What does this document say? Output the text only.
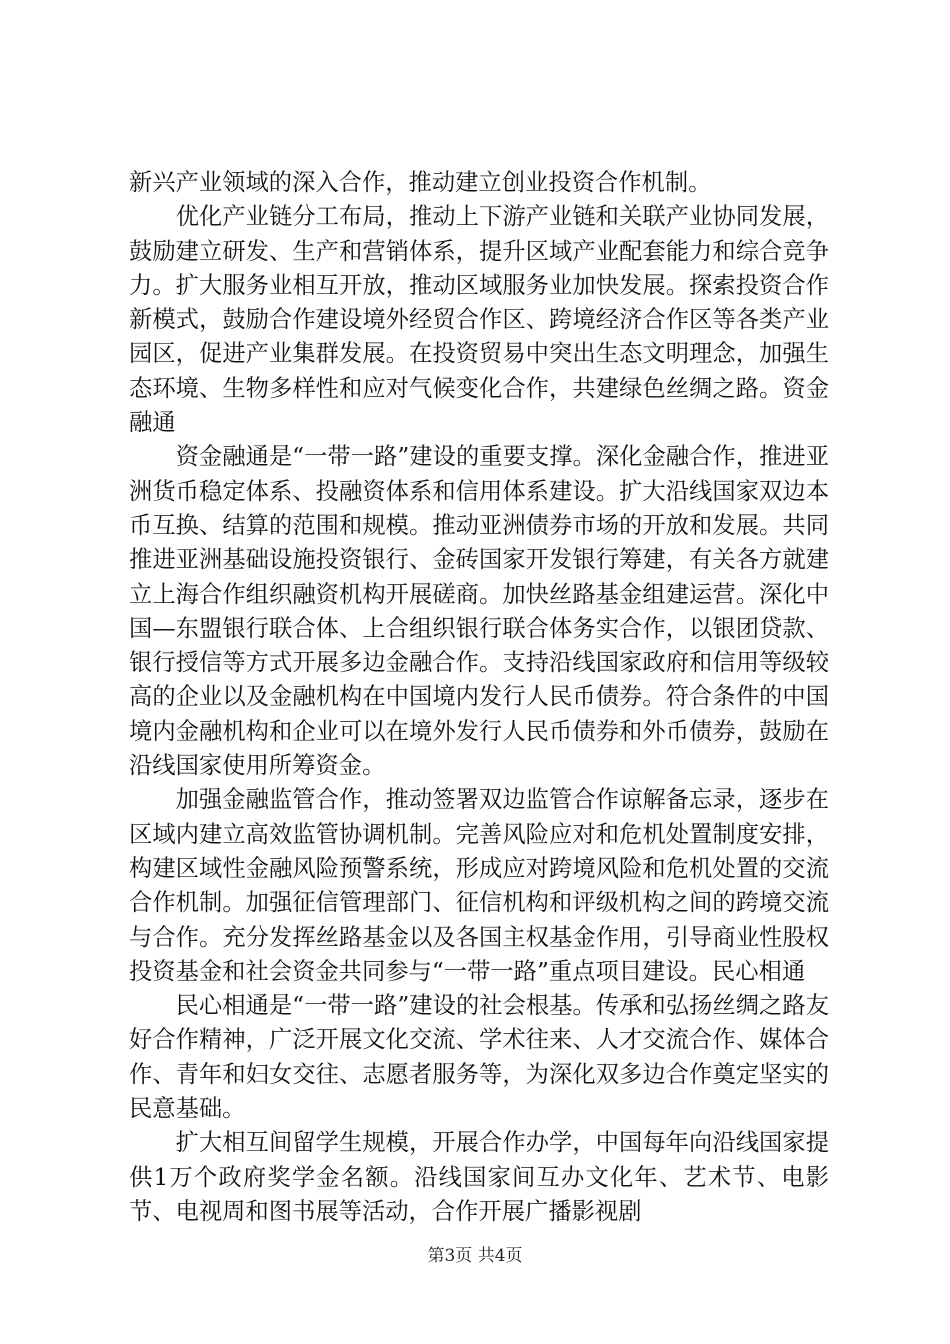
新兴产业领域的深入合作，推动建立创业投资合作机制。

优化产业链分工布局，推动上下游产业链和关联产业协同发展，鼓励建立研发、生产和营销体系，提升区域产业配套能力和综合竞争力。扩大服务业相互开放，推动区域服务业加快发展。探索投资合作新模式，鼓励合作建设境外经贸合作区、跨境经济合作区等各类产业园区，促进产业集群发展。在投资贸易中突出生态文明理念，加强生态环境、生物多样性和应对气候变化合作，共建绿色丝绸之路。资金融通

资金融通是“一带一路”建设的重要支撑。深化金融合作，推进亚洲货币稳定体系、投融资体系和信用体系建设。扩大沿线国家双边本币互换、结算的范围和规模。推动亚洲债券市场的开放和发展。共同推进亚洲基础设施投资银行、金砖国家开发银行筹建，有关各方就建立上海合作组织融资机构开展磋商。加快丝路基金组建运营。深化中国—东盟银行联合体、上合组织银行联合体务实合作，以银团贷款、银行授信等方式开展多边金融合作。支持沿线国家政府和信用等级较高的企业以及金融机构在中国境内发行人民币债券。符合条件的中国境内金融机构和企业可以在境外发行人民币债券和外币债券，鼓励在沿线国家使用所筹资金。

加强金融监管合作，推动签署双边监管合作谅解备忘录，逐步在区域内建立高效监管协调机制。完善风险应对和危机处置制度安排，构建区域性金融风险预警系统，形成应对跨境风险和危机处置的交流合作机制。加强征信管理部门、征信机构和评级机构之间的跨境交流与合作。充分发挥丝路基金以及各国主权基金作用，引导商业性股权投资基金和社会资金共同参与“一带一路”重点项目建设。民心相通

民心相通是“一带一路”建设的社会根基。传承和弘扬丝绸之路友好合作精神，广泛开展文化交流、学术往来、人才交流合作、媒体合作、青年和妇女交往、志愿者服务等，为深化双多边合作奠定坚实的民意基础。

扩大相互间留学生规模，开展合作办学，中国每年向沿线国家提供1万个政府奖学金名额。沿线国家间互办文化年、艺术节、电影节、电视周和图书展等活动，合作开展广播影视剧

第3页 共4页
